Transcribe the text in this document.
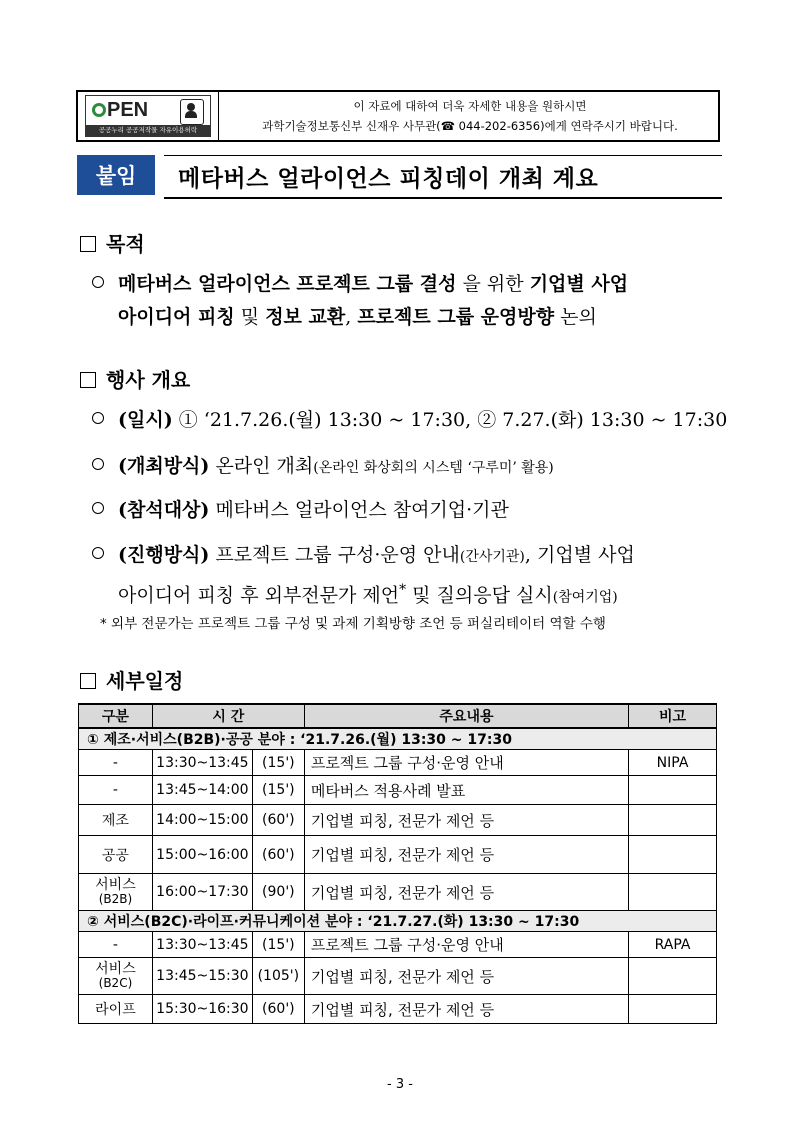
PEN
공공누리 공공저작물 자유이용허락
이 자료에 대하여 더욱 자세한 내용을 원하시면
과학기술정보통신부 신재우 사무관(☎ 044-202-6356)에게 연락주시기 바랍니다.
붙임	메타버스 얼라이언스 피칭데이 개최 계요
목적
메타버스 얼라이언스 프로젝트 그룹 결성 을 위한 기업별 사업
아이디어 피칭 및 정보 교환, 프로젝트 그룹 운영방향 논의
행사 개요
(일시) ① ‘21.7.26.(월) 13:30 ~ 17:30, ② 7.27.(화) 13:30 ~ 17:30
(개최방식) 온라인 개최(온라인 화상회의 시스템 ‘구루미’ 활용)
(참석대상) 메타버스 얼라이언스 참여기업·기관
(진행방식) 프로젝트 그룹 구성·운영 안내(간사기관), 기업별 사업
아이디어 피칭 후 외부전문가 제언* 및 질의응답 실시(참여기업)
* 외부 전문가는 프로젝트 그룹 구성 및 과제 기획방향 조언 등 퍼실리테이터 역할 수행
세부일정
구분	시 간		주요내용	비고
① 제조·서비스(B2B)·공공 분야 : ‘21.7.26.(월) 13:30 ~ 17:30				
-	13:30~13:45	(15')	프로젝트 그룹 구성·운영 안내	NIPA
-	13:45~14:00	(15')	메타버스 적용사례 발표	
제조	14:00~15:00	(60')	기업별 피칭, 전문가 제언 등	
공공	15:00~16:00	(60')	기업별 피칭, 전문가 제언 등	

서비스
(B2B)	16:00~17:30	(90')	기업별 피칭, 전문가 제언 등	
② 서비스(B2C)·라이프·커뮤니케이션 분야 : ‘21.7.27.(화) 13:30 ~ 17:30				
-	13:30~13:45	(15')	프로젝트 그룹 구성·운영 안내	RAPA

서비스
(B2C)	13:45~15:30	(105')	기업별 피칭, 전문가 제언 등	
라이프	15:30~16:30	(60')	기업별 피칭, 전문가 제언 등	
- 3 -
